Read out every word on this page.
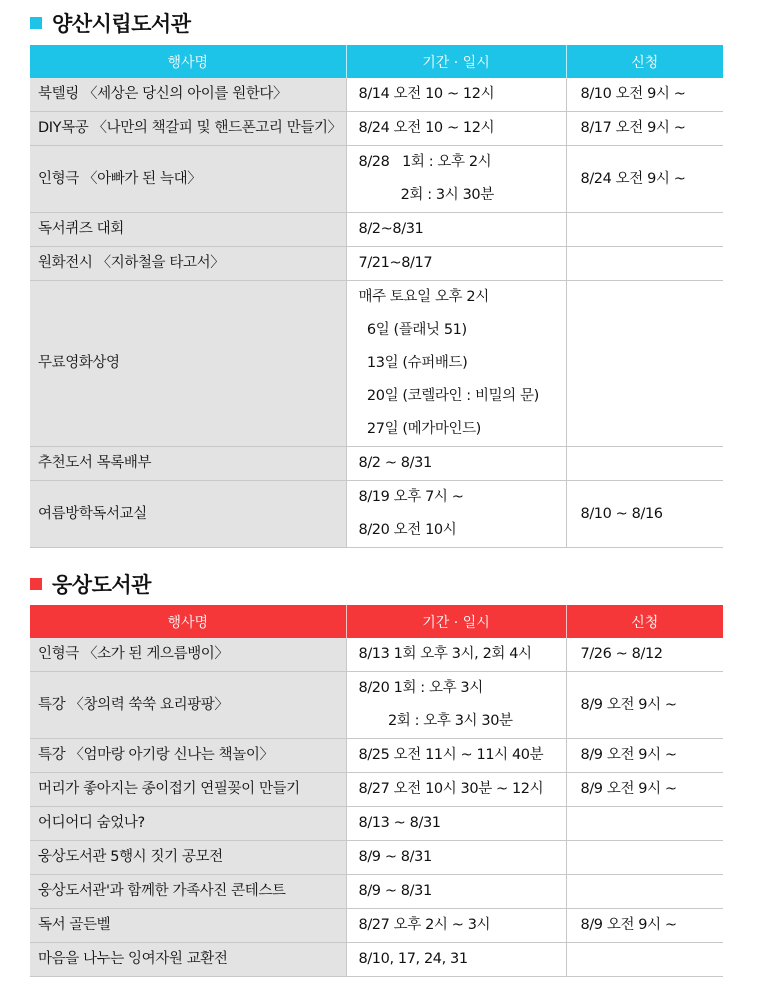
양산시립도서관
행사명	기간 · 일시	신청

북텔링 〈세상은 당신의 아이를 원한다〉	8/14 오전 10 ~ 12시	8/10 오전 9시 ~

DIY목공 〈나만의 책갈피 및 핸드폰고리 만들기〉	8/24 오전 10 ~ 12시	8/17 오전 9시 ~

인형극 〈아빠가 된 늑대〉	8/28   1회 : 오후 2시
2회 : 3시 30분	8/24 오전 9시 ~

독서퀴즈 대회	8/2~8/31	

원화전시 〈지하철을 타고서〉	7/21~8/17	

무료영화상영	매주 토요일 오후 2시
6일 (플래닛 51)
13일 (슈퍼배드)
20일 (코렐라인 : 비밀의 문)
27일 (메가마인드)	

추천도서 목록배부	8/2 ~ 8/31	

여름방학독서교실	8/19 오후 7시 ~
8/20 오전 10시	8/10 ~ 8/16
웅상도서관
행사명	기간 · 일시	신청

인형극 〈소가 된 게으름뱅이〉	8/13 1회 오후 3시, 2회 4시	7/26 ~ 8/12

특강 〈창의력 쑥쑥 요리팡팡〉	8/20 1회 : 오후 3시
2회 : 오후 3시 30분	8/9 오전 9시 ~

특강 〈엄마랑 아기랑 신나는 책놀이〉	8/25 오전 11시 ~ 11시 40분	8/9 오전 9시 ~

머리가 좋아지는 종이접기 연필꽂이 만들기	8/27 오전 10시 30분 ~ 12시	8/9 오전 9시 ~

어디어디 숨었나?	8/13 ~ 8/31	

웅상도서관 5행시 짓기 공모전	8/9 ~ 8/31	

웅상도서관'과 함께한 가족사진 콘테스트	8/9 ~ 8/31	

독서 골든벨	8/27 오후 2시 ~ 3시	8/9 오전 9시 ~

마음을 나누는 잉여자원 교환전	8/10, 17, 24, 31	
